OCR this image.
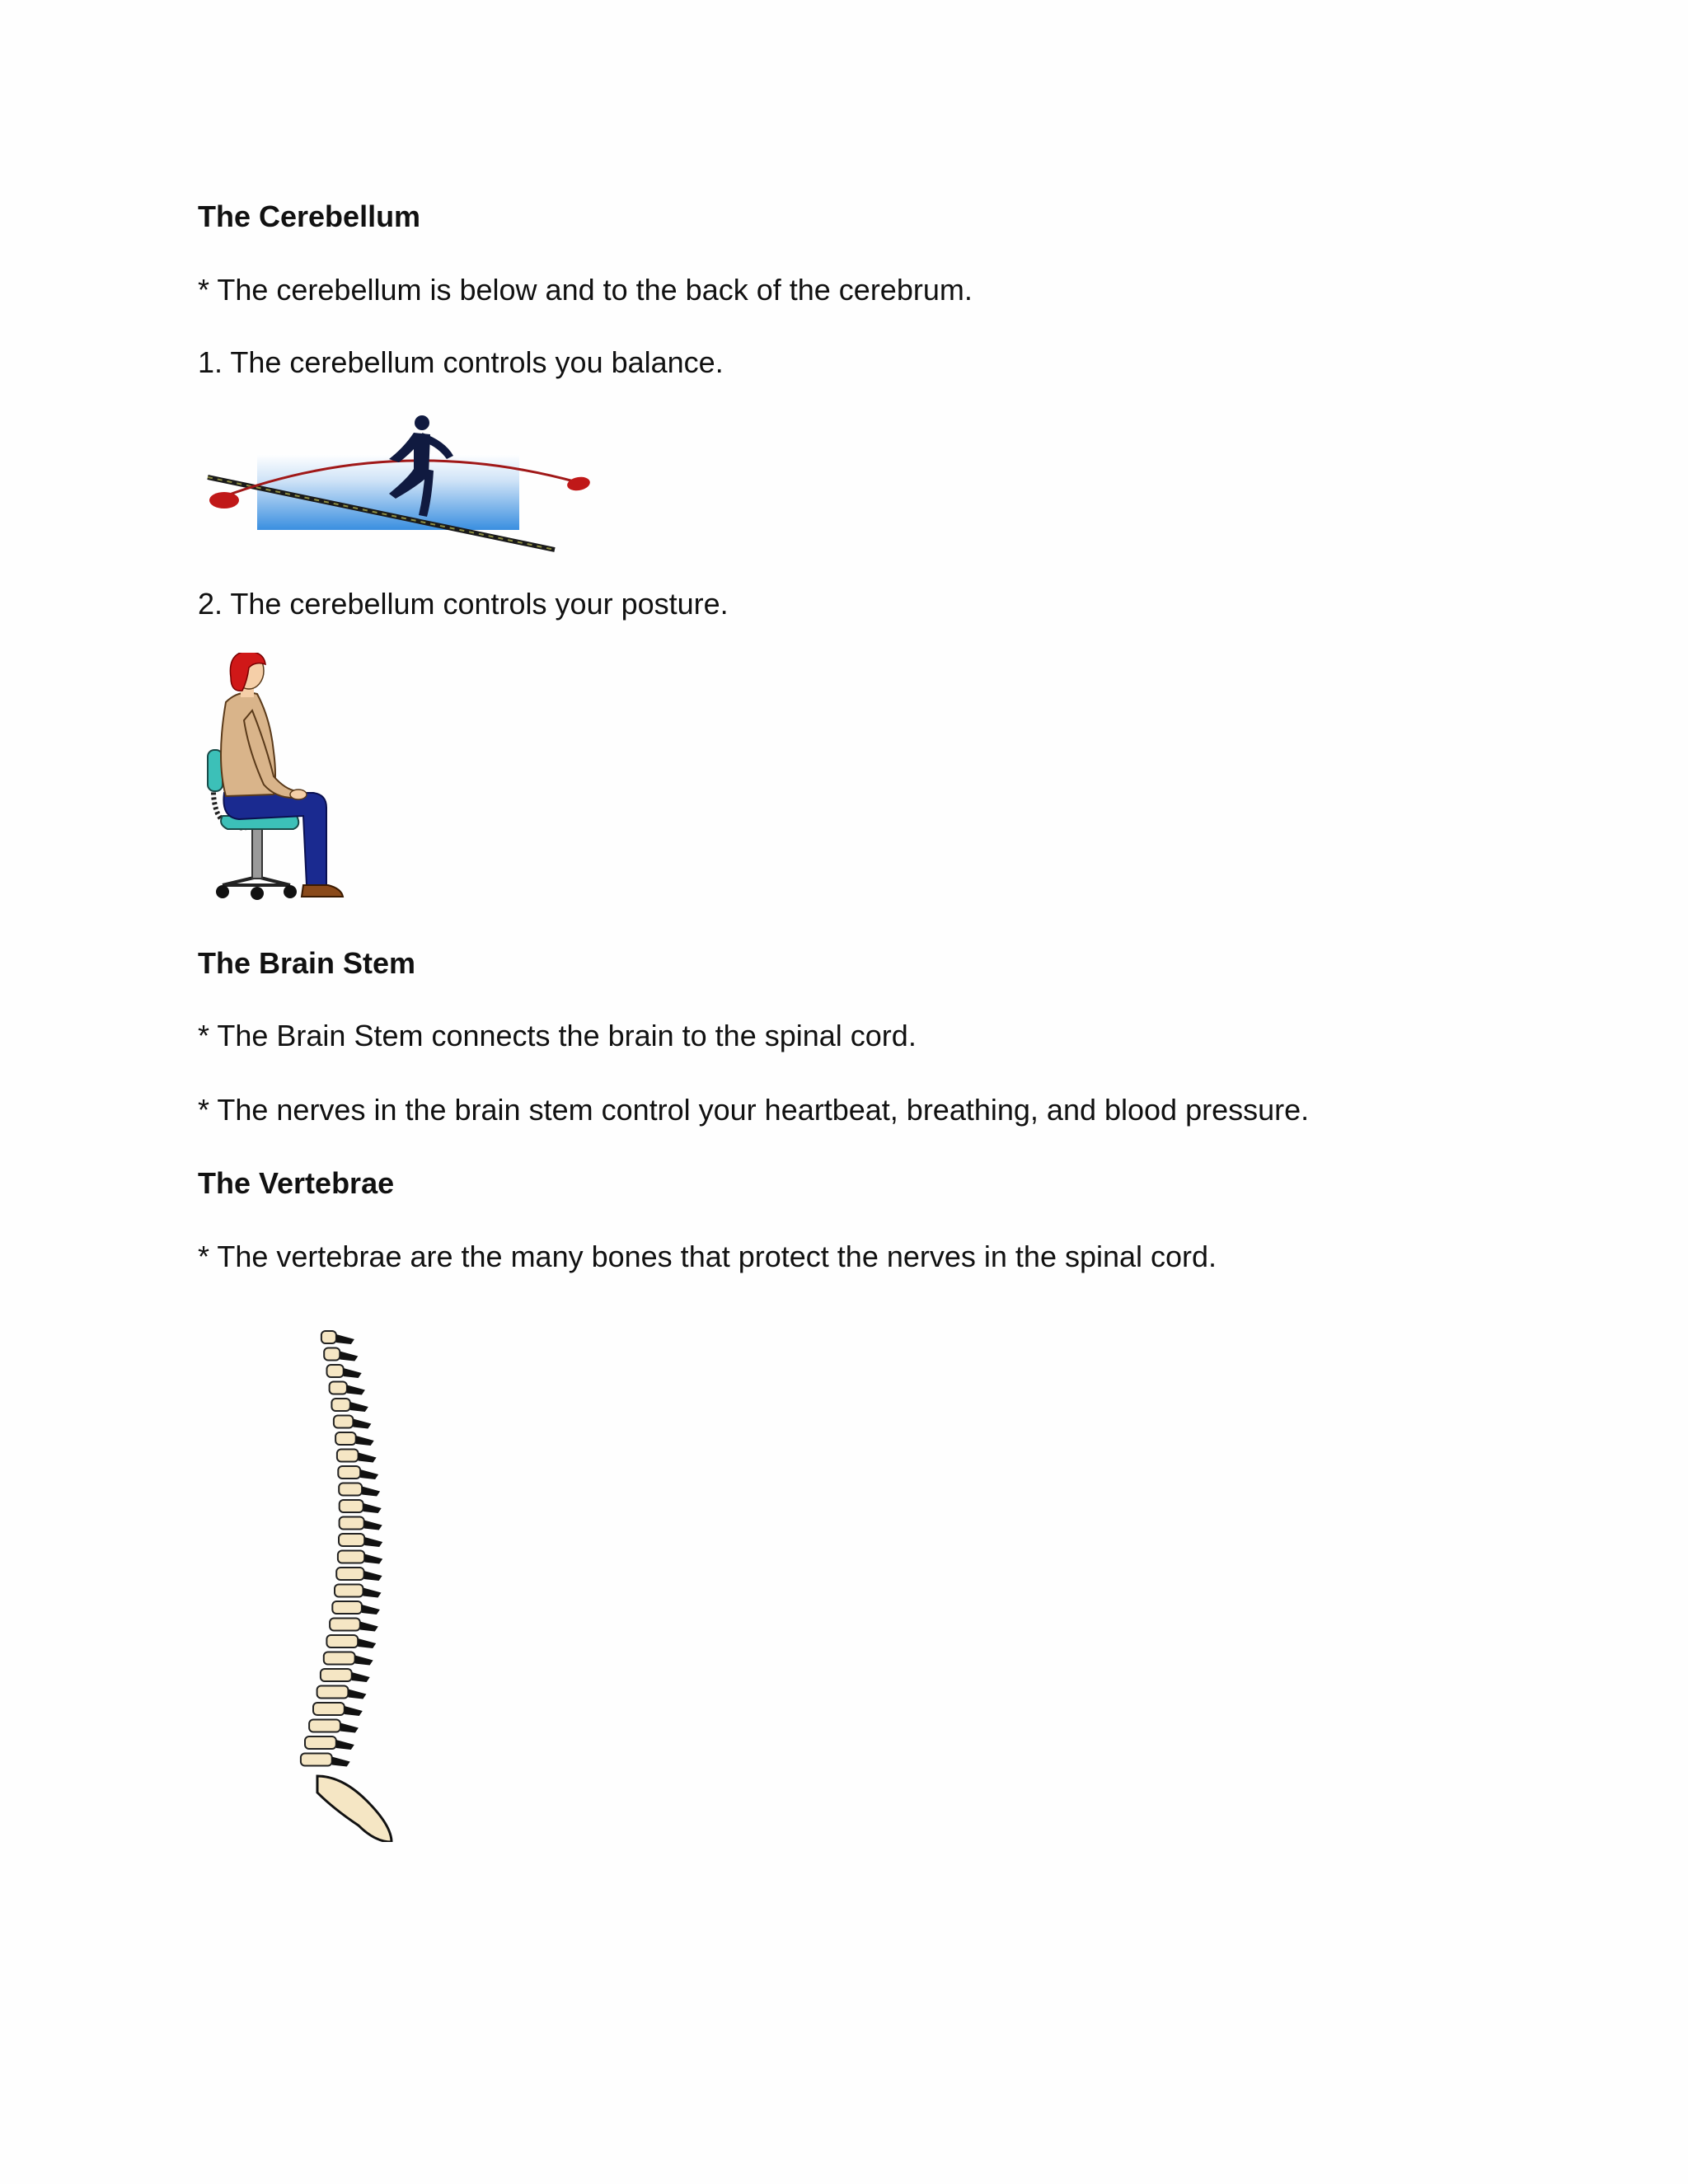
The Cerebellum

* The cerebellum is below and to the back of the cerebrum.

1. The cerebellum controls you balance.

2. The cerebellum controls your posture.

The Brain Stem

* The Brain Stem connects the brain to the spinal cord.

* The nerves in the brain stem control your heartbeat, breathing, and blood pressure.

The Vertebrae

* The vertebrae are the many bones that protect the nerves in the spinal cord.
